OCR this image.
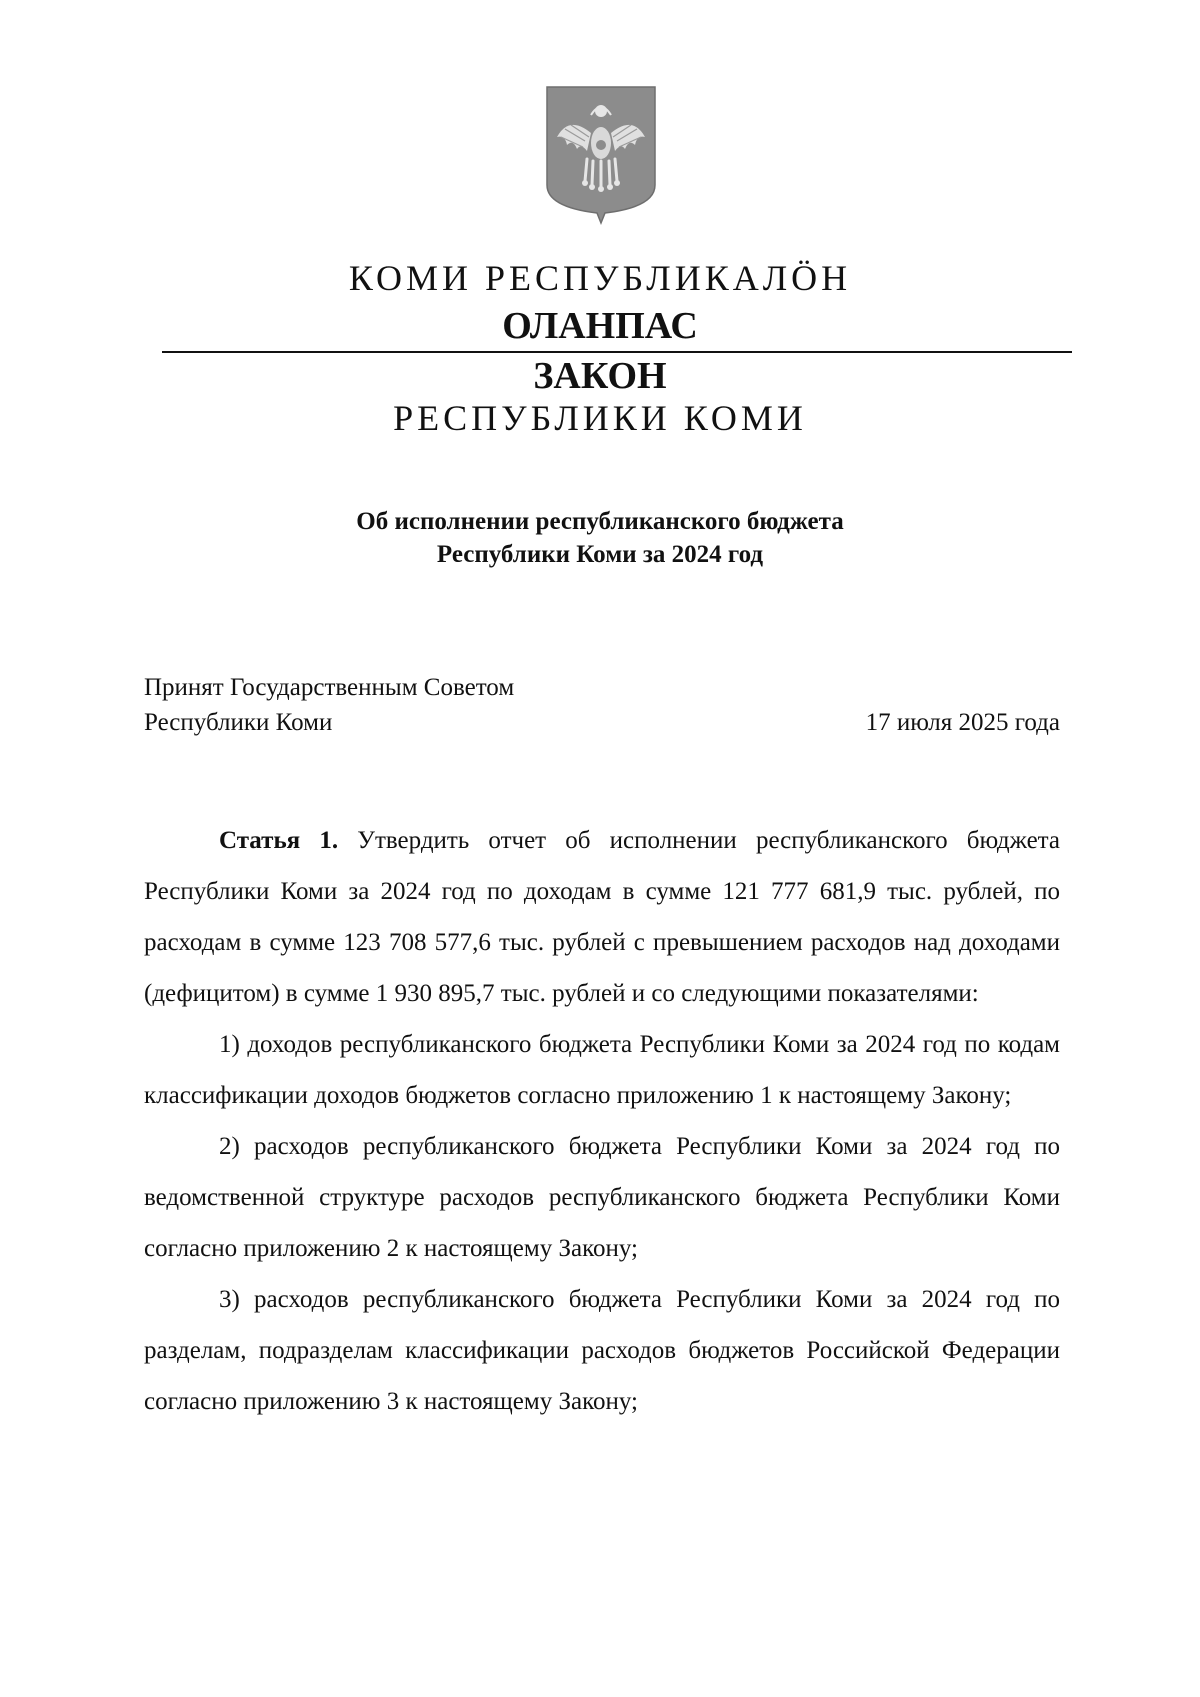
КОМИ РЕСПУБЛИКАЛӦН
ОЛАНПАС
ЗАКОН
РЕСПУБЛИКИ КОМИ
Об исполнении республиканского бюджета
Республики Коми за 2024 год
Принят Государственным Советом
Республики Коми	17 июля 2025 года

Статья 1. Утвердить отчет об исполнении республиканского бюджета Республики Коми за 2024 год по доходам в сумме 121 777 681,9 тыс. рублей, по расходам в сумме 123 708 577,6 тыс. рублей с превышением расходов над доходами (дефицитом) в сумме 1 930 895,7 тыс. рублей и со следующими показателями:

1) доходов республиканского бюджета Республики Коми за 2024 год по кодам классификации доходов бюджетов согласно приложению 1 к настоящему Закону;

2) расходов республиканского бюджета Республики Коми за 2024 год по ведомственной структуре расходов республиканского бюджета Республики Коми согласно приложению 2 к настоящему Закону;

3) расходов республиканского бюджета Республики Коми за 2024 год по разделам, подразделам классификации расходов бюджетов Российской Федерации согласно приложению 3 к настоящему Закону;
